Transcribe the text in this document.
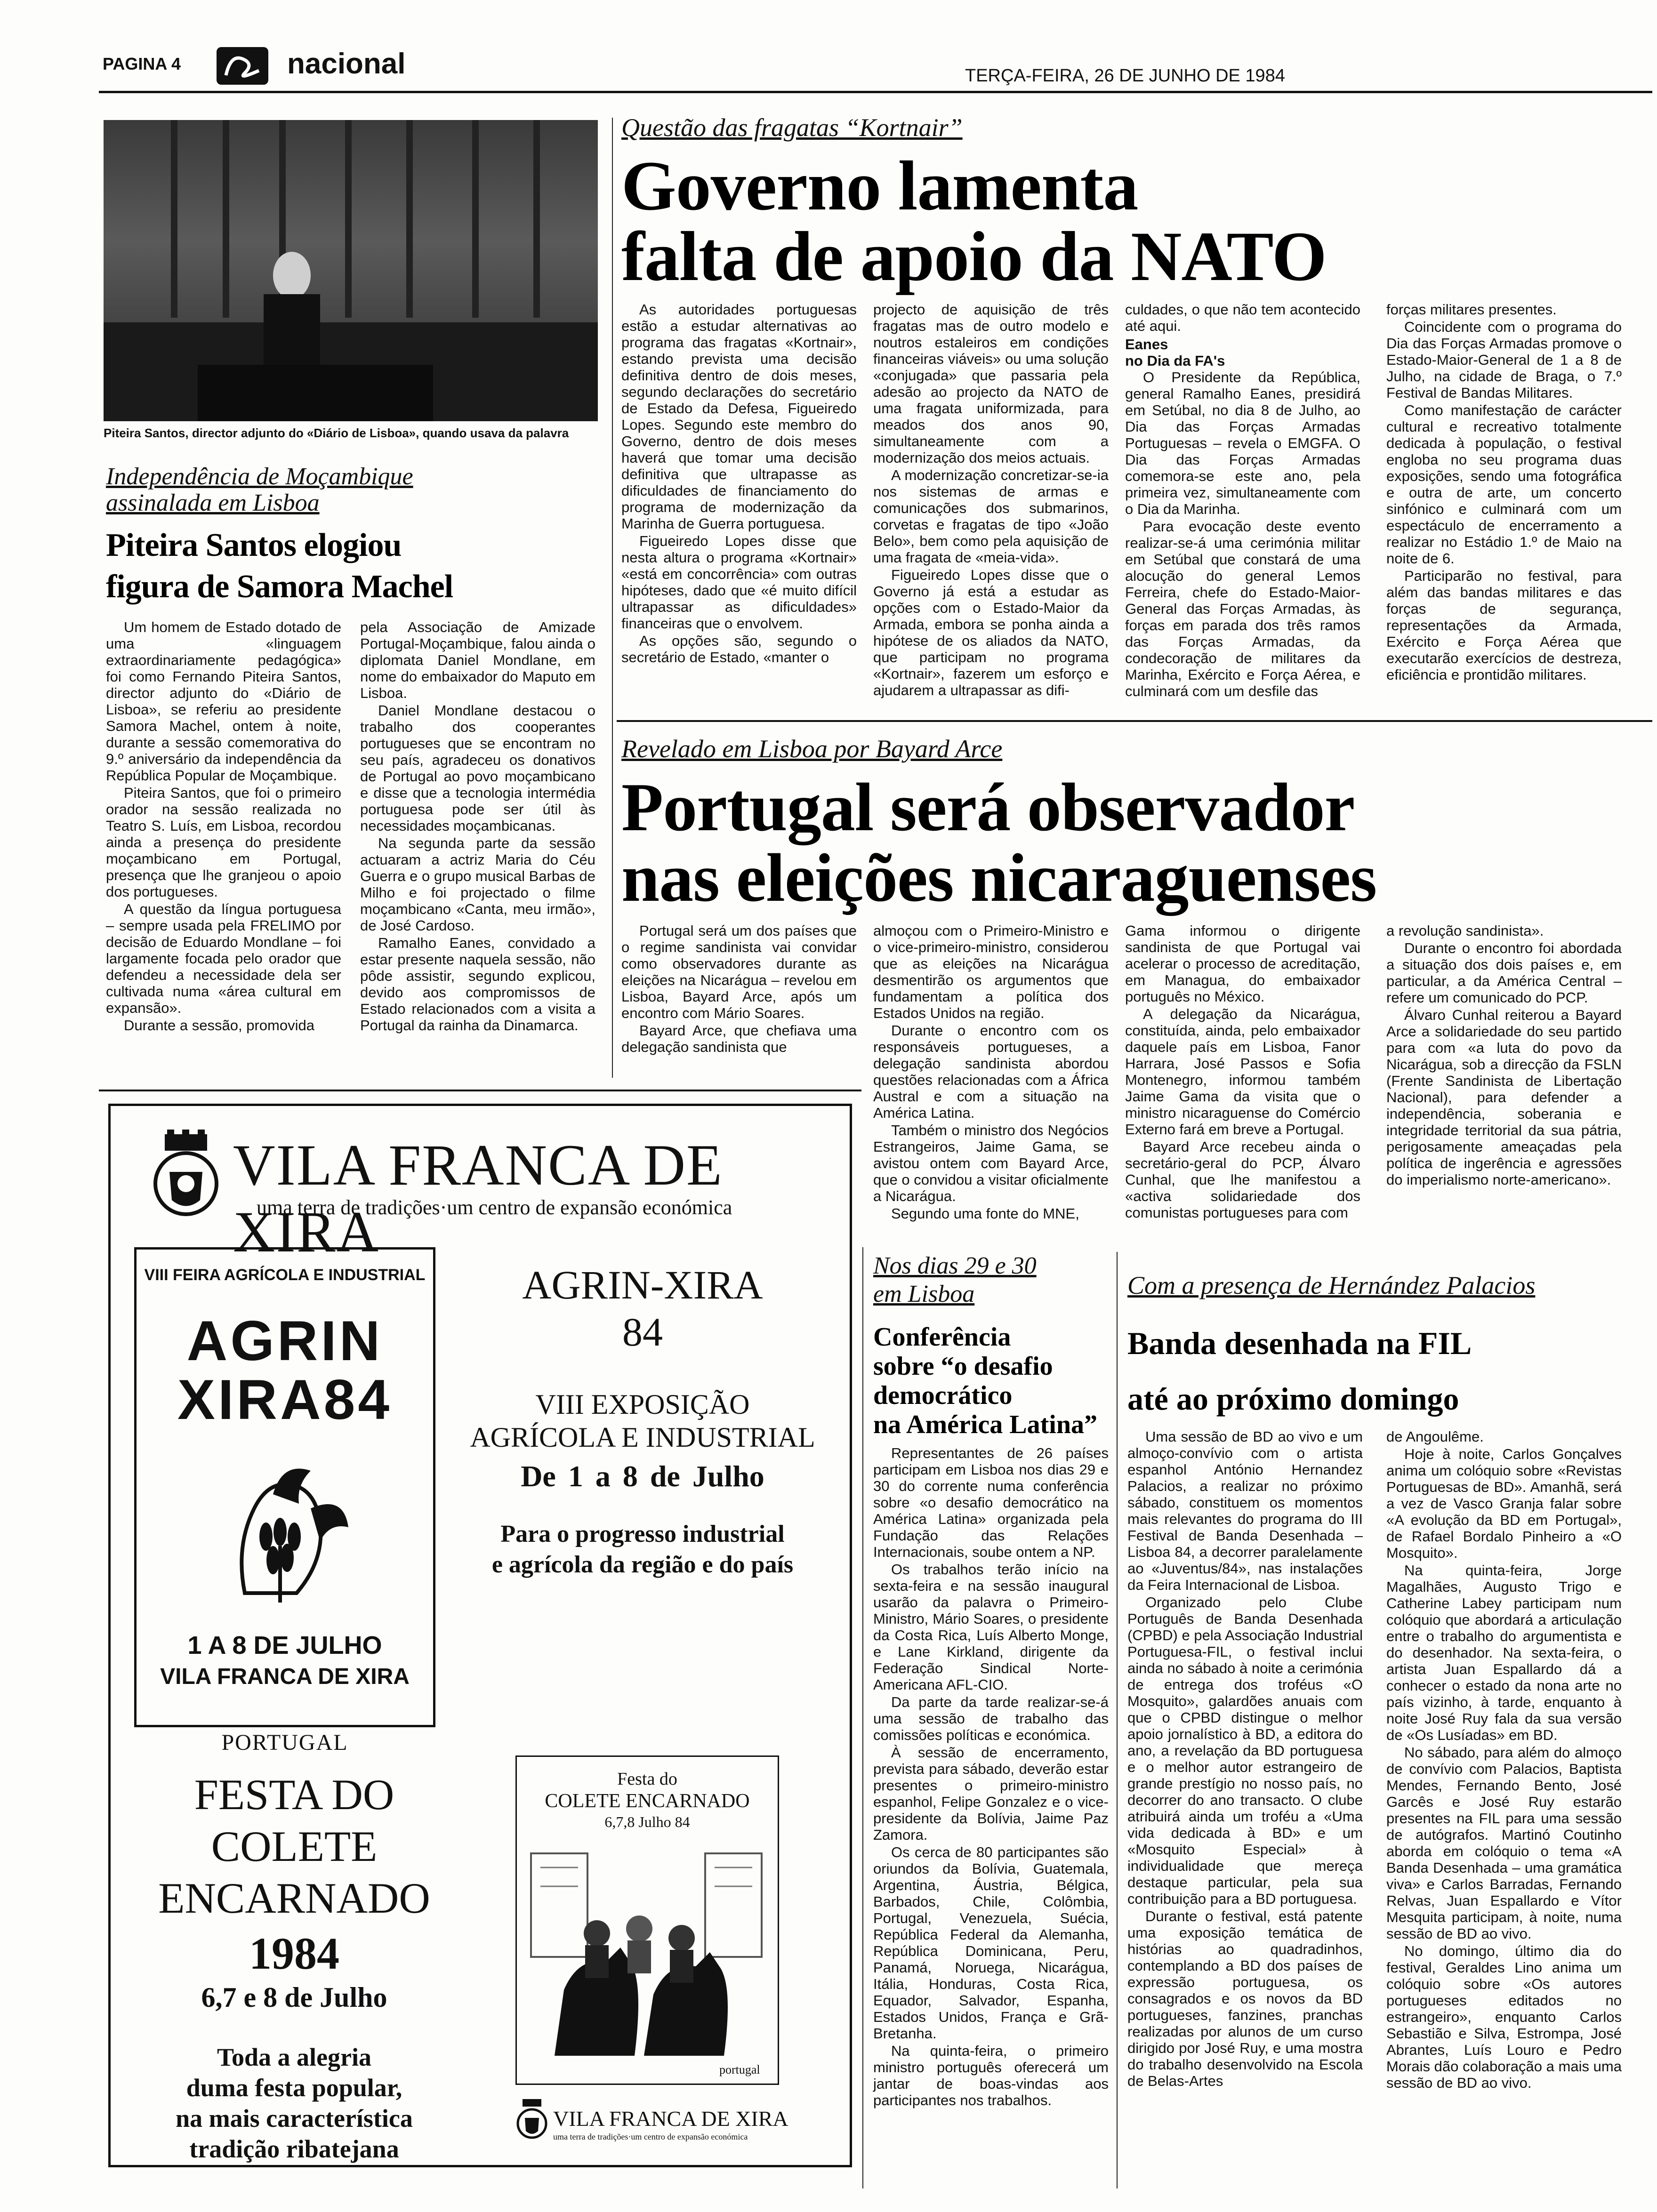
PAGINA 4	nacional	TERÇA-FEIRA, 26 DE JUNHO DE 1984
Piteira Santos, director adjunto do «Diário de Lisboa», quando usava da palavra
Independência de Moçambique
assinalada em Lisboa
Piteira Santos elogiou
figura de Samora Machel

Um homem de Estado dotado de uma «linguagem extraordinariamente pedagógica» foi como Fernando Piteira Santos, director adjunto do «Diário de Lisboa», se referiu ao presidente Samora Machel, ontem à noite, durante a sessão comemorativa do 9.º aniversário da independência da República Popular de Moçambique.

Piteira Santos, que foi o primeiro orador na sessão realizada no Teatro S. Luís, em Lisboa, recordou ainda a presença do presidente moçambicano em Portugal, presença que lhe granjeou o apoio dos portugueses.

A questão da língua portuguesa – sempre usada pela FRELIMO por decisão de Eduardo Mondlane – foi largamente focada pelo orador que defendeu a necessidade dela ser cultivada numa «área cultural em expansão».

Durante a sessão, promovida

pela Associação de Amizade Portugal-Moçambique, falou ainda o diplomata Daniel Mondlane, em nome do embaixador do Maputo em Lisboa.

Daniel Mondlane destacou o trabalho dos cooperantes portugueses que se encontram no seu país, agradeceu os donativos de Portugal ao povo moçambicano e disse que a tecnologia intermédia portuguesa pode ser útil às necessidades moçambicanas.

Na segunda parte da sessão actuaram a actriz Maria do Céu Guerra e o grupo musical Barbas de Milho e foi projectado o filme moçambicano «Canta, meu irmão», de José Cardoso.

Ramalho Eanes, convidado a estar presente naquela sessão, não pôde assistir, segundo explicou, devido aos compromissos de Estado relacionados com a visita a Portugal da rainha da Dinamarca.

Questão das fragatas “Kortnair”
Governo lamenta
falta de apoio da NATO

As autoridades portuguesas estão a estudar alternativas ao programa das fragatas «Kortnair», estando prevista uma decisão definitiva dentro de dois meses, segundo declarações do secretário de Estado da Defesa, Figueiredo Lopes. Segundo este membro do Governo, dentro de dois meses haverá que tomar uma decisão definitiva que ultrapasse as dificuldades de financiamento do programa de modernização da Marinha de Guerra portuguesa.

Figueiredo Lopes disse que nesta altura o programa «Kortnair» «está em concorrência» com outras hipóteses, dado que «é muito difícil ultrapassar as dificuldades» financeiras que o envolvem.

As opções são, segundo o secretário de Estado, «manter o

projecto de aquisição de três fragatas mas de outro modelo e noutros estaleiros em condições financeiras viáveis» ou uma solução «conjugada» que passaria pela adesão ao projecto da NATO de uma fragata uniformizada, para meados dos anos 90, simultaneamente com a modernização dos meios actuais.

A modernização concretizar-se-ia nos sistemas de armas e comunicações dos submarinos, corvetas e fragatas de tipo «João Belo», bem como pela aquisição de uma fragata de «meia-vida».

Figueiredo Lopes disse que o Governo já está a estudar as opções com o Estado-Maior da Armada, embora se ponha ainda a hipótese de os aliados da NATO, que participam no programa «Kortnair», fazerem um esforço e ajudarem a ultrapassar as difi-

culdades, o que não tem acontecido até aqui.

Eanes
no Dia da FA's

O Presidente da República, general Ramalho Eanes, presidirá em Setúbal, no dia 8 de Julho, ao Dia das Forças Armadas Portuguesas – revela o EMGFA. O Dia das Forças Armadas comemora-se este ano, pela primeira vez, simultaneamente com o Dia da Marinha.

Para evocação deste evento realizar-se-á uma cerimónia militar em Setúbal que constará de uma alocução do general Lemos Ferreira, chefe do Estado-Maior-General das Forças Armadas, às forças em parada dos três ramos das Forças Armadas, da condecoração de militares da Marinha, Exército e Força Aérea, e culminará com um desfile das

forças militares presentes.

Coincidente com o programa do Dia das Forças Armadas promove o Estado-Maior-General de 1 a 8 de Julho, na cidade de Braga, o 7.º Festival de Bandas Militares.

Como manifestação de carácter cultural e recreativo totalmente dedicada à população, o festival engloba no seu programa duas exposições, sendo uma fotográfica e outra de arte, um concerto sinfónico e culminará com um espectáculo de encerramento a realizar no Estádio 1.º de Maio na noite de 6.

Participarão no festival, para além das bandas militares e das forças de segurança, representações da Armada, Exército e Força Aérea que executarão exercícios de destreza, eficiência e prontidão militares.

Revelado em Lisboa por Bayard Arce
Portugal será observador
nas eleições nicaraguenses

Portugal será um dos países que o regime sandinista vai convidar como observadores durante as eleições na Nicarágua – revelou em Lisboa, Bayard Arce, após um encontro com Mário Soares.

Bayard Arce, que chefiava uma delegação sandinista que

almoçou com o Primeiro-Ministro e o vice-primeiro-ministro, considerou que as eleições na Nicarágua desmentirão os argumentos que fundamentam a política dos Estados Unidos na região.

Durante o encontro com os responsáveis portugueses, a delegação sandinista abordou questões relacionadas com a África Austral e com a situação na América Latina.

Também o ministro dos Negócios Estrangeiros, Jaime Gama, se avistou ontem com Bayard Arce, que o convidou a visitar oficialmente a Nicarágua.

Segundo uma fonte do MNE,

Gama informou o dirigente sandinista de que Portugal vai acelerar o processo de acreditação, em Managua, do embaixador português no México.

A delegação da Nicarágua, constituída, ainda, pelo embaixador daquele país em Lisboa, Fanor Harrara, José Passos e Sofia Montenegro, informou também Jaime Gama da visita que o ministro nicaraguense do Comércio Externo fará em breve a Portugal.

Bayard Arce recebeu ainda o secretário-geral do PCP, Álvaro Cunhal, que lhe manifestou a «activa solidariedade dos comunistas portugueses para com

a revolução sandinista».

Durante o encontro foi abordada a situação dos dois países e, em particular, a da América Central – refere um comunicado do PCP.

Álvaro Cunhal reiterou a Bayard Arce a solidariedade do seu partido para com «a luta do povo da Nicarágua, sob a direcção da FSLN (Frente Sandinista de Libertação Nacional), para defender a independência, soberania e integridade territorial da sua pátria, perigosamente ameaçadas pela política de ingerência e agressões do imperialismo norte-americano».

VILA FRANCA DE XIRA
uma terra de tradições·um centro de expansão económica
VIII FEIRA AGRÍCOLA E INDUSTRIAL
AGRIN
XIRA84
1 A 8 DE JULHO
VILA FRANCA DE XIRA
PORTUGAL
AGRIN-XIRA
84
VIII EXPOSIÇÃO
AGRÍCOLA E INDUSTRIAL
De 1 a 8 de Julho
Para o progresso industrial
e agrícola da região e do país
FESTA DO
COLETE
ENCARNADO
1984
6,7 e 8 de Julho
Toda a alegria
duma festa popular,
na mais característica
tradição ribatejana
Festa do
COLETE ENCARNADO
6,7,8 Julho 84
portugal
VILA FRANCA DE XIRA
uma terra de tradições·um centro de expansão económica
Nos dias 29 e 30
em Lisboa
Conferência
sobre “o desafio
democrático
na América Latina”

Representantes de 26 países participam em Lisboa nos dias 29 e 30 do corrente numa conferência sobre «o desafio democrático na América Latina» organizada pela Fundação das Relações Internacionais, soube ontem a NP.

Os trabalhos terão início na sexta-feira e na sessão inaugural usarão da palavra o Primeiro-Ministro, Mário Soares, o presidente da Costa Rica, Luís Alberto Monge, e Lane Kirkland, dirigente da Federação Sindical Norte-Americana AFL-CIO.

Da parte da tarde realizar-se-á uma sessão de trabalho das comissões políticas e económica.

À sessão de encerramento, prevista para sábado, deverão estar presentes o primeiro-ministro espanhol, Felipe Gonzalez e o vice-presidente da Bolívia, Jaime Paz Zamora.

Os cerca de 80 participantes são oriundos da Bolívia, Guatemala, Argentina, Áustria, Bélgica, Barbados, Chile, Colômbia, Portugal, Venezuela, Suécia, República Federal da Alemanha, República Dominicana, Peru, Panamá, Noruega, Nicarágua, Itália, Honduras, Costa Rica, Equador, Salvador, Espanha, Estados Unidos, França e Grã-Bretanha.

Na quinta-feira, o primeiro ministro português oferecerá um jantar de boas-vindas aos participantes nos trabalhos.

Com a presença de Hernández Palacios
Banda desenhada na FIL
até ao próximo domingo

Uma sessão de BD ao vivo e um almoço-convívio com o artista espanhol António Hernandez Palacios, a realizar no próximo sábado, constituem os momentos mais relevantes do programa do III Festival de Banda Desenhada – Lisboa 84, a decorrer paralelamente ao «Juventus/84», nas instalações da Feira Internacional de Lisboa.

Organizado pelo Clube Português de Banda Desenhada (CPBD) e pela Associação Industrial Portuguesa-FIL, o festival inclui ainda no sábado à noite a cerimónia de entrega dos troféus «O Mosquito», galardões anuais com que o CPBD distingue o melhor apoio jornalístico à BD, a editora do ano, a revelação da BD portuguesa e o melhor autor estrangeiro de grande prestígio no nosso país, no decorrer do ano transacto. O clube atribuirá ainda um troféu a «Uma vida dedicada à BD» e um «Mosquito Especial» à individualidade que mereça destaque particular, pela sua contribuição para a BD portuguesa.

Durante o festival, está patente uma exposição temática de histórias ao quadradinhos, contemplando a BD dos países de expressão portuguesa, os consagrados e os novos da BD portugueses, fanzines, pranchas realizadas por alunos de um curso dirigido por José Ruy, e uma mostra do trabalho desenvolvido na Escola de Belas-Artes

de Angoulême.

Hoje à noite, Carlos Gonçalves anima um colóquio sobre «Revistas Portuguesas de BD». Amanhã, será a vez de Vasco Granja falar sobre «A evolução da BD em Portugal», de Rafael Bordalo Pinheiro a «O Mosquito».

Na quinta-feira, Jorge Magalhães, Augusto Trigo e Catherine Labey participam num colóquio que abordará a articulação entre o trabalho do argumentista e do desenhador. Na sexta-feira, o artista Juan Espallardo dá a conhecer o estado da nona arte no país vizinho, à tarde, enquanto à noite José Ruy fala da sua versão de «Os Lusíadas» em BD.

No sábado, para além do almoço de convívio com Palacios, Baptista Mendes, Fernando Bento, José Garcês e José Ruy estarão presentes na FIL para uma sessão de autógrafos. Martinó Coutinho aborda em colóquio o tema «A Banda Desenhada – uma gramática viva» e Carlos Barradas, Fernando Relvas, Juan Espallardo e Vítor Mesquita participam, à noite, numa sessão de BD ao vivo.

No domingo, último dia do festival, Geraldes Lino anima um colóquio sobre «Os autores portugueses editados no estrangeiro», enquanto Carlos Sebastião e Silva, Estrompa, José Abrantes, Luís Louro e Pedro Morais dão colaboração a mais uma sessão de BD ao vivo.
